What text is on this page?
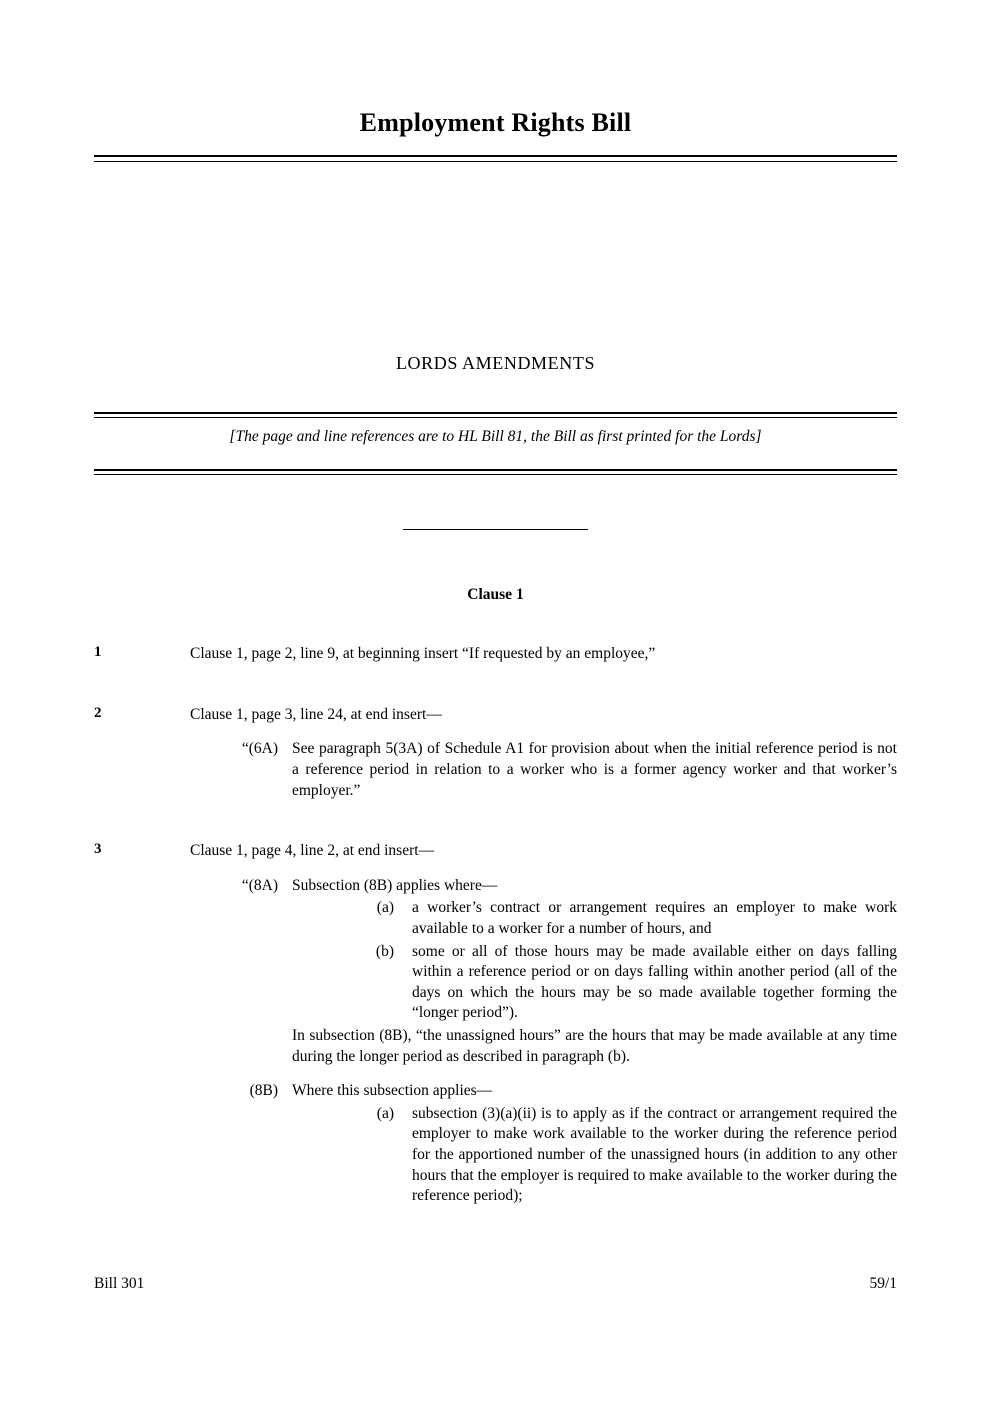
Employment Rights Bill
LORDS AMENDMENTS
[The page and line references are to HL Bill 81, the Bill as first printed for the Lords]
Clause 1
1	Clause 1, page 2, line 9, at beginning insert “If requested by an employee,”
2	Clause 1, page 3, line 24, at end insert—
“(6A) See paragraph 5(3A) of Schedule A1 for provision about when the initial reference period is not a reference period in relation to a worker who is a former agency worker and that worker’s employer.”
3	Clause 1, page 4, line 2, at end insert—
“(8A) Subsection (8B) applies where—
(a) a worker’s contract or arrangement requires an employer to make work available to a worker for a number of hours, and
(b) some or all of those hours may be made available either on days falling within a reference period or on days falling within another period (all of the days on which the hours may be so made available together forming the “longer period”).
In subsection (8B), “the unassigned hours” are the hours that may be made available at any time during the longer period as described in paragraph (b).
(8B) Where this subsection applies—
(a) subsection (3)(a)(ii) is to apply as if the contract or arrangement required the employer to make work available to the worker during the reference period for the apportioned number of the unassigned hours (in addition to any other hours that the employer is required to make available to the worker during the reference period);
Bill 301	59/1
